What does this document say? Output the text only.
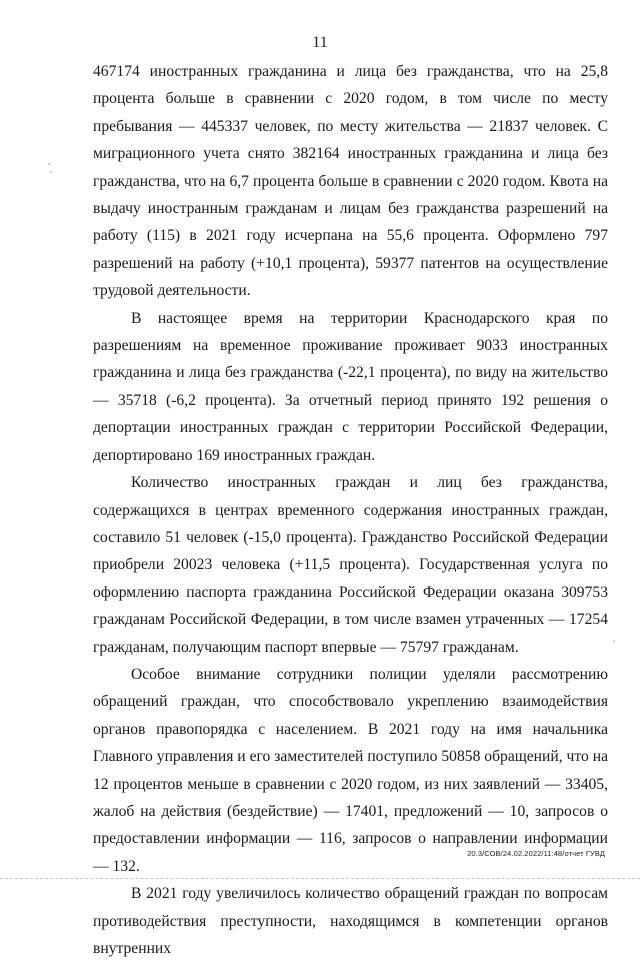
11

467174 иностранных гражданина и лица без гражданства, что на 25,8 процента больше в сравнении с 2020 годом, в том числе по месту пребывания — 445337 человек, по месту жительства — 21837 человек. С миграционного учета снято 382164 иностранных гражданина и лица без гражданства, что на 6,7 процента больше в сравнении с 2020 годом. Квота на выдачу иностранным гражданам и лицам без гражданства разрешений на работу (115) в 2021 году исчерпана на 55,6 процента. Оформлено 797 разрешений на работу (+10,1 процента), 59377 патентов на осуществление трудовой деятельности.

В настоящее время на территории Краснодарского края по разрешениям на временное проживание проживает 9033 иностранных гражданина и лица без гражданства (-22,1 процента), по виду на жительство — 35718 (-6,2 процента). За отчетный период принято 192 решения о депортации иностранных граждан с территории Российской Федерации, депортировано 169 иностранных граждан.

Количество иностранных граждан и лиц без гражданства, содержащихся в центрах временного содержания иностранных граждан, составило 51 человек (-15,0 процента). Гражданство Российской Федерации приобрели 20023 человека (+11,5 процента). Государственная услуга по оформлению паспорта гражданина Российской Федерации оказана 309753 гражданам Российской Федерации, в том числе взамен утраченных — 17254 гражданам, получающим паспорт впервые — 75797 гражданам.

Особое внимание сотрудники полиции уделяли рассмотрению обращений граждан, что способствовало укреплению взаимодействия органов правопорядка с населением. В 2021 году на имя начальника Главного управления и его заместителей поступило 50858 обращений, что на 12 процентов меньше в сравнении с 2020 годом, из них заявлений — 33405, жалоб на действия (бездействие) — 17401, предложений — 10, запросов о предоставлении информации — 116, запросов о направлении информации — 132.

В 2021 году увеличилось количество обращений граждан по вопросам противодействия преступности, находящимся в компетенции органов внутренних

20.3/СОВ/24.02.2022/11:48/отчет ГУВД
